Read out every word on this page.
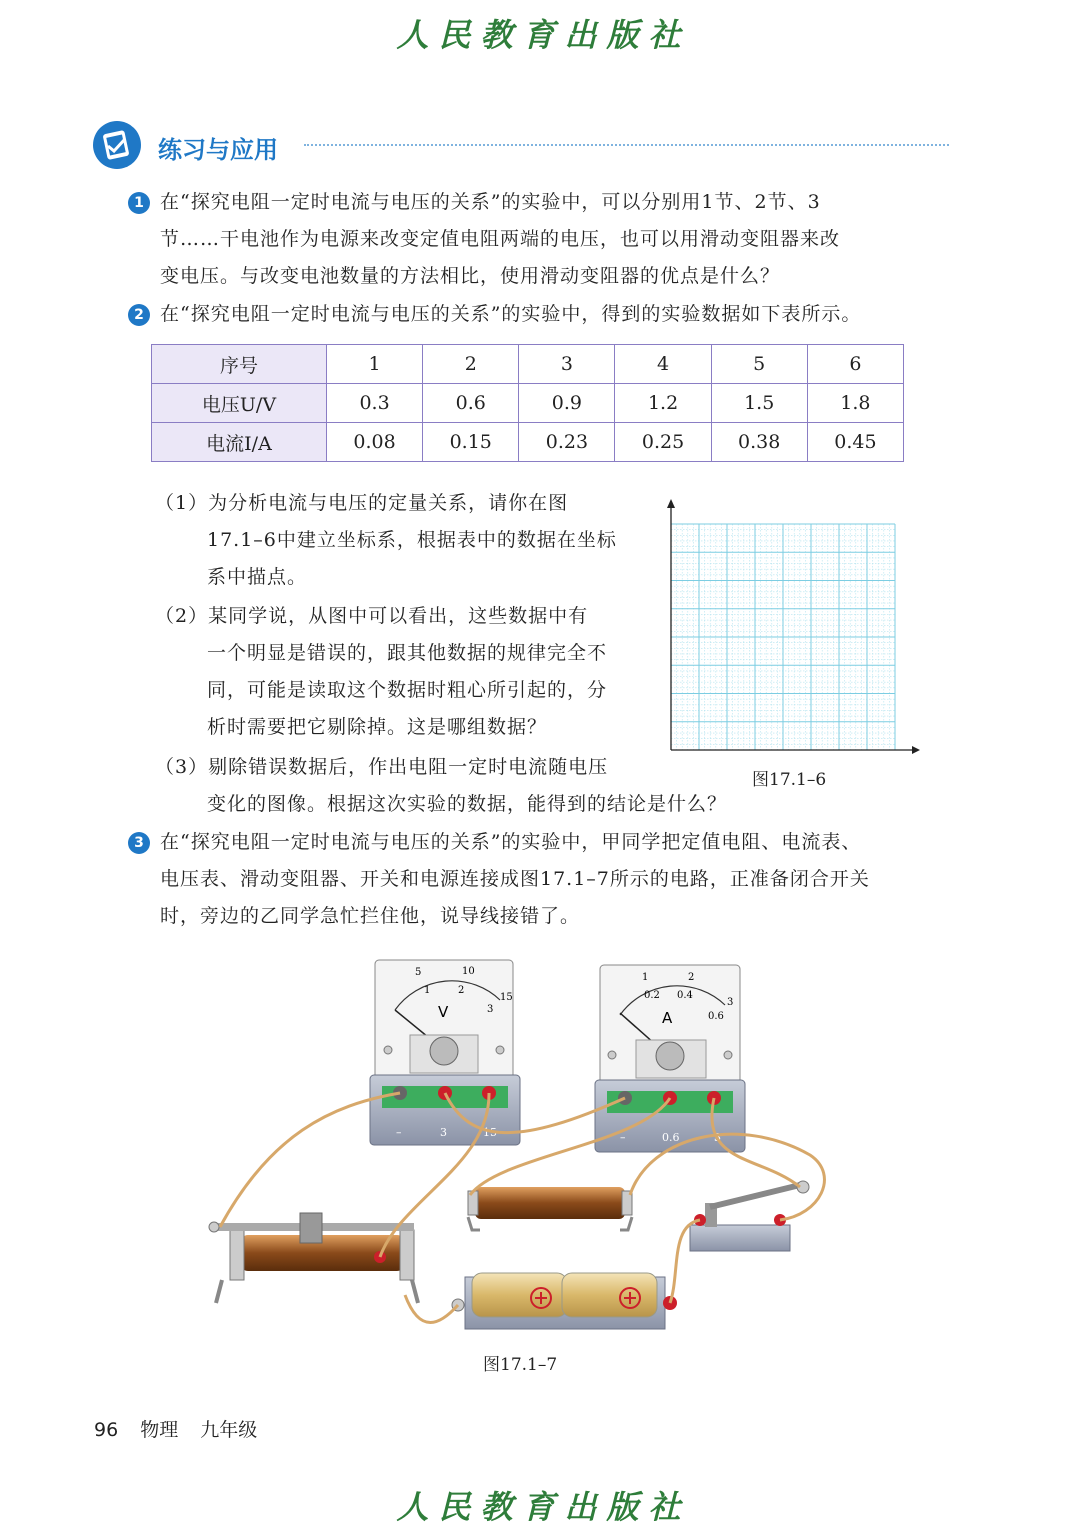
人民教育出版社
练习与应用
1 在“探究电阻一定时电流与电压的关系”的实验中，可以分别用1节、2节、3
节……干电池作为电源来改变定值电阻两端的电压，也可以用滑动变阻器来改
变电压。与改变电池数量的方法相比，使用滑动变阻器的优点是什么？
2 在“探究电阻一定时电流与电压的关系”的实验中，得到的实验数据如下表所示。
序号	1	2	3	4	5	6
电压U/V	0.3	0.6	0.9	1.2	1.5	1.8
电流I/A	0.08	0.15	0.23	0.25	0.38	0.45
（1）为分析电流与电压的定量关系，请你在图
17.1–6中建立坐标系，根据表中的数据在坐标
系中描点。
（2）某同学说，从图中可以看出，这些数据中有
一个明显是错误的，跟其他数据的规律完全不
同，可能是读取这个数据时粗心所引起的，分
析时需要把它剔除掉。这是哪组数据？
（3）剔除错误数据后，作出电阻一定时电流随电压
变化的图像。根据这次实验的数据，能得到的结论是什么？
图17.1–6
3 在“探究电阻一定时电流与电压的关系”的实验中，甲同学把定值电阻、电流表、
电压表、滑动变阻器、开关和电源连接成图17.1–7所示的电路，正准备闭合开关
时，旁边的乙同学急忙拦住他，说导线接错了。
5	10
15
1	2
3
V
–	3	15
1	2
3
0.2 0.4
0.6
A
–	0.6	3
图17.1–7
96 物理 九年级
人民教育出版社
